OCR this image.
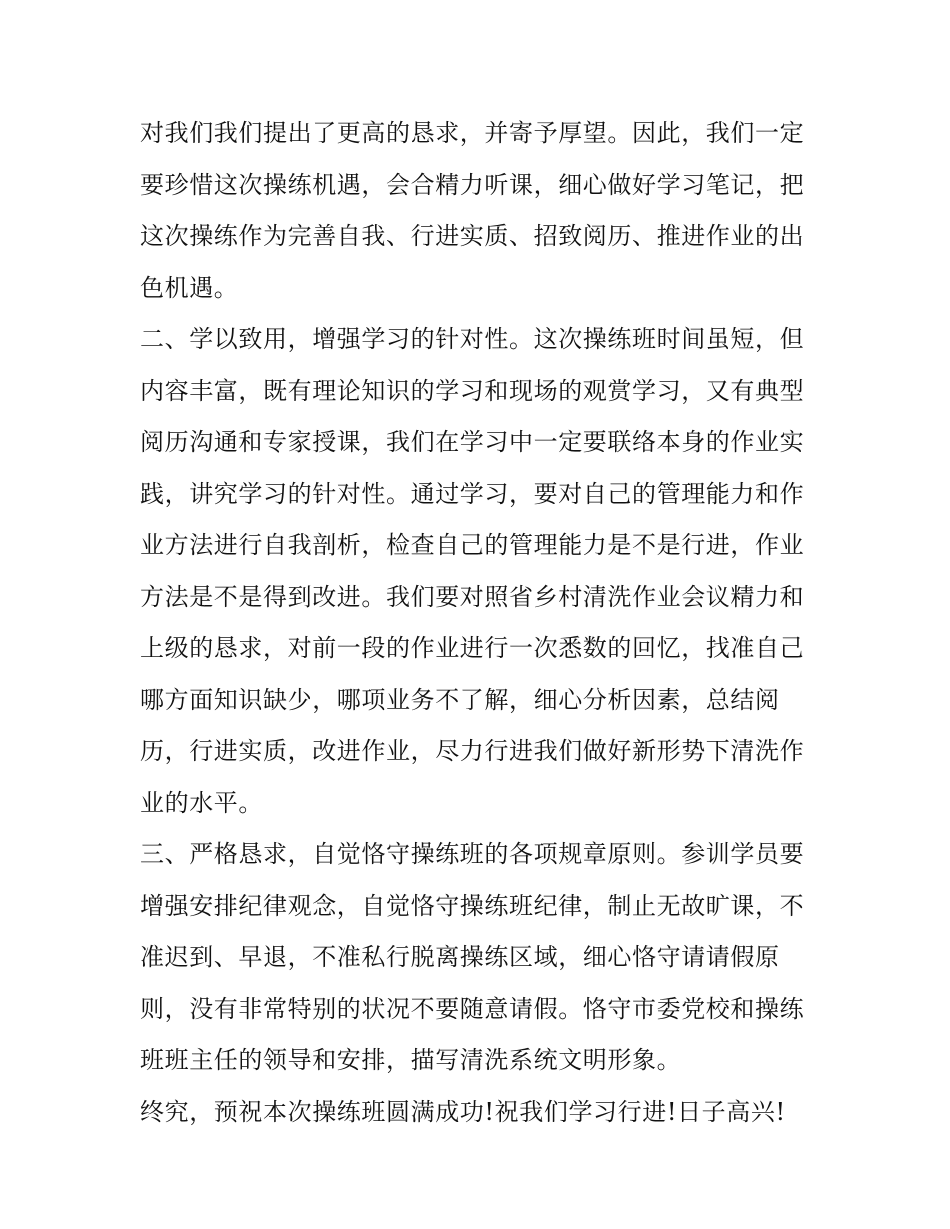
对我们我们提出了更高的恳求，并寄予厚望。因此，我们一定
要珍惜这次操练机遇，会合精力听课，细心做好学习笔记，把
这次操练作为完善自我、行进实质、招致阅历、推进作业的出
色机遇。
二、学以致用，增强学习的针对性。这次操练班时间虽短，但
内容丰富，既有理论知识的学习和现场的观赏学习，又有典型
阅历沟通和专家授课，我们在学习中一定要联络本身的作业实
践，讲究学习的针对性。通过学习，要对自己的管理能力和作
业方法进行自我剖析，检查自己的管理能力是不是行进，作业
方法是不是得到改进。我们要对照省乡村清洗作业会议精力和
上级的恳求，对前一段的作业进行一次悉数的回忆，找准自己
哪方面知识缺少，哪项业务不了解，细心分析因素，总结阅
历，行进实质，改进作业，尽力行进我们做好新形势下清洗作
业的水平。
三、严格恳求，自觉恪守操练班的各项规章原则。参训学员要
增强安排纪律观念，自觉恪守操练班纪律，制止无故旷课，不
准迟到、早退，不准私行脱离操练区域，细心恪守请请假原
则，没有非常特别的状况不要随意请假。恪守市委党校和操练
班班主任的领导和安排，描写清洗系统文明形象。
终究，预祝本次操练班圆满成功!祝我们学习行进!日子高兴!
